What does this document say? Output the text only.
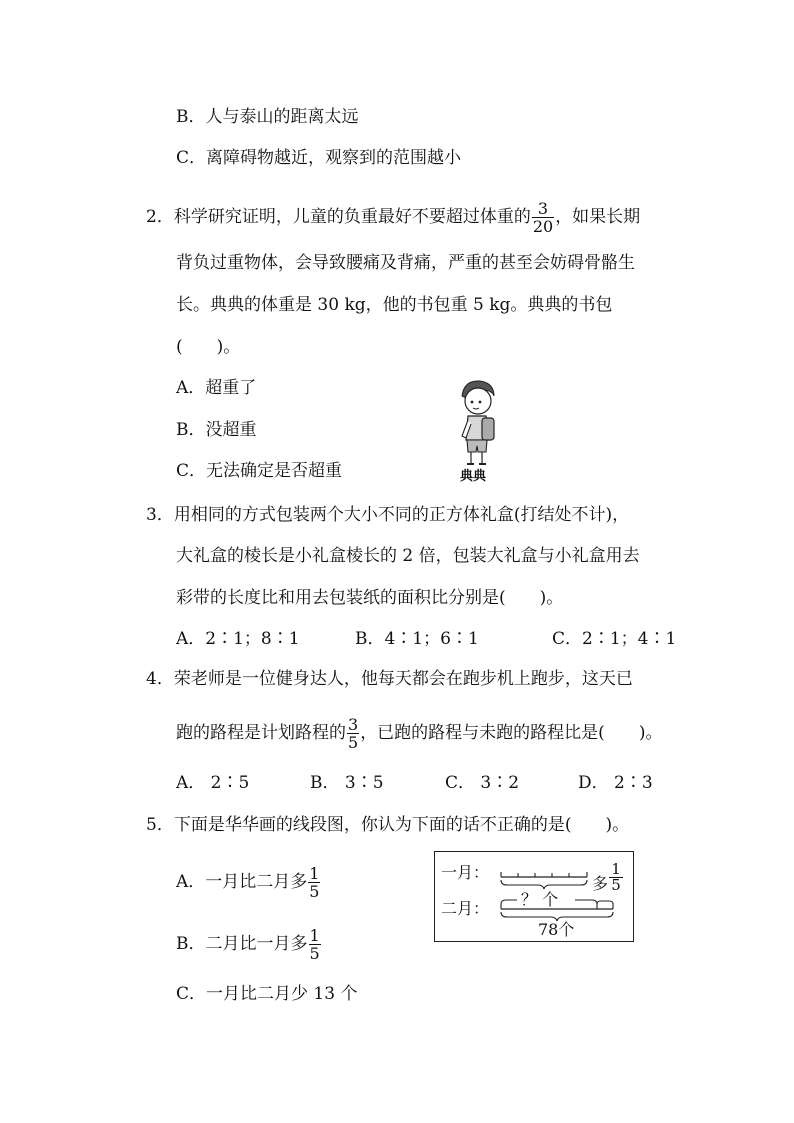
B．人与泰山的距离太远
C．离障碍物越近，观察到的范围越小
2．科学研究证明，儿童的负重最好不要超过体重的 $\frac{3}{20}$ ，如果长期
背负过重物体，会导致腰痛及背痛，严重的甚至会妨碍骨骼生
长。典典的体重是 30 kg，他的书包重 5 kg。典典的书包
(　　)。
A．超重了
B．没超重
C．无法确定是否超重	典典
3．用相同的方式包装两个大小不同的正方体礼盒(打结处不计)，
大礼盒的棱长是小礼盒棱长的 2 倍，包装大礼盒与小礼盒用去
彩带的长度比和用去包装纸的面积比分别是(　　)。
A．2∶1；8∶1	B．4∶1；6∶1	C．2∶1；4∶1
4．荣老师是一位健身达人，他每天都会在跑步机上跑步，这天已
跑的路程是计划路程的 $\frac{3}{5}$ ，已跑的路程与未跑的路程比是(　　)。
A． 2∶5	B． 3∶5	C． 3∶2	D． 2∶3
5．下面是华华画的线段图，你认为下面的话不正确的是(　　)。
A．一月比二月多 $\frac{1}{5}$
B．二月比一月多 $\frac{1}{5}$
C．一月比二月少 13 个
一月：
二月：
多 $\frac{1}{5}$
？ 个
78个
